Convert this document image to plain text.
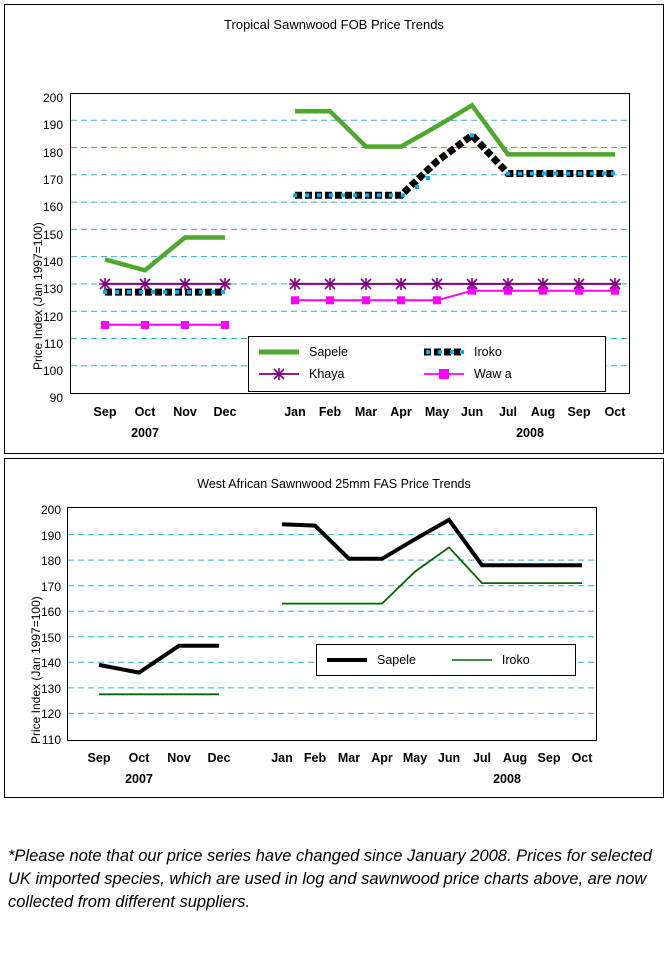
Tropical Sawnwood FOB Price Trends
Price Index (Jan 1997=100)
200
190
180
170
160
150
140
130
120
110
100
90
Sep	Oct	Nov	Dec	Jan	Feb	Mar	Apr	May Jun	Jul	Aug Sep	Oct
2007	2008
Sapele
Khaya
Iroko
Waw a
West African Sawnwood 25mm FAS Price Trends
Price Index (Jan 1997=100)
200
190
180
170
160
150
140
130
120
110
Sep	Oct	Nov	Dec	Jan Feb Mar Apr May Jun	Jul Aug Sep Oct
2007	2008
Sapele	Iroko
*Please note that our price series have changed since January 2008. Prices for selected UK imported species, which are used in log and sawnwood price charts above, are now collected from different suppliers.
